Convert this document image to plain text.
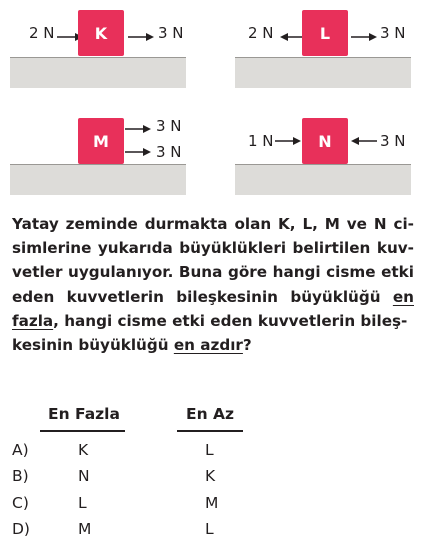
2 N	K	3 N	2 N	L	3 N
M
3 N
3 N
1 N	N	3 N
Yatay zeminde durmakta olan K, L, M ve N ci-
simlerine yukarıda büyüklükleri belirtilen kuv-
vetler uygulanıyor. Buna göre hangi cisme etki
eden kuvvetlerin bileşkesinin büyüklüğü en
fazla , hangi cisme etki eden kuvvetlerin bileş-
kesinin büyüklüğü en azdır ?
En Fazla	En Az
A)	K	L
B)	N	K
C)	L	M
D)	M	L
